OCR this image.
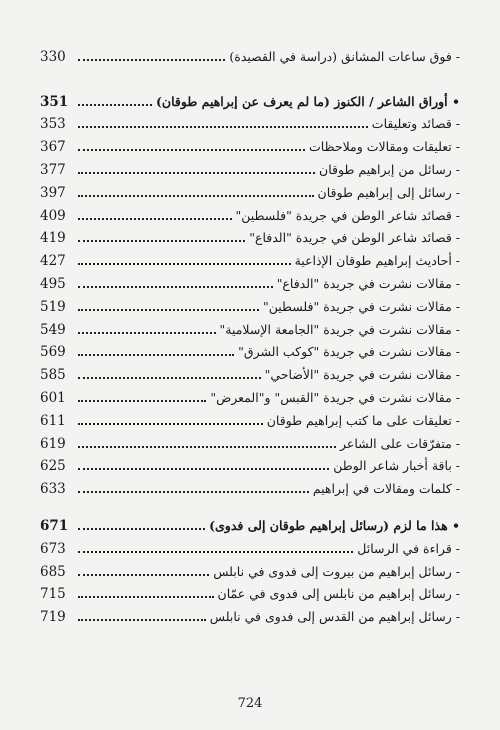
330	- فوق ساعات المشانق (دراسة في القصيدة)
351	• أوراق الشاعر / الكنوز (ما لم يعرف عن إبراهيم طوقان)
353	- قصائد وتعليقات
367	- تعليقات ومقالات وملاحظات
377	- رسائل من إبراهيم طوقان
397	- رسائل إلى إبراهيم طوقان
409	- قصائد شاعر الوطن في جريدة "فلسطين"
419	- قصائد شاعر الوطن في جريدة "الدفاع"
427	- أحاديث إبراهيم طوقان الإذاعية
495	- مقالات نشرت في جريدة "الدفاع"
519	- مقالات نشرت في جريدة "فلسطين"
549	- مقالات نشرت في جريدة "الجامعة الإسلامية"
569	- مقالات نشرت في جريدة "كوكب الشرق"
585	- مقالات نشرت في جريدة "الأضاحي"
601	- مقالات نشرت في جريدة "القبس" و"المعرض"
611	- تعليقات على ما كتب إبراهيم طوقان
619	- متفرّقات على الشاعر
625	- باقة أخبار شاعر الوطن
633	- كلمات ومقالات في إبراهيم
671	• هذا ما لزم (رسائل إبراهيم طوقان إلى فدوى)
673	- قراءة في الرسائل
685	- رسائل إبراهيم من بيروت إلى فدوى في نابلس
715	- رسائل إبراهيم من نابلس إلى فدوى في عمّان
719	- رسائل إبراهيم من القدس إلى فدوى في نابلس
724
